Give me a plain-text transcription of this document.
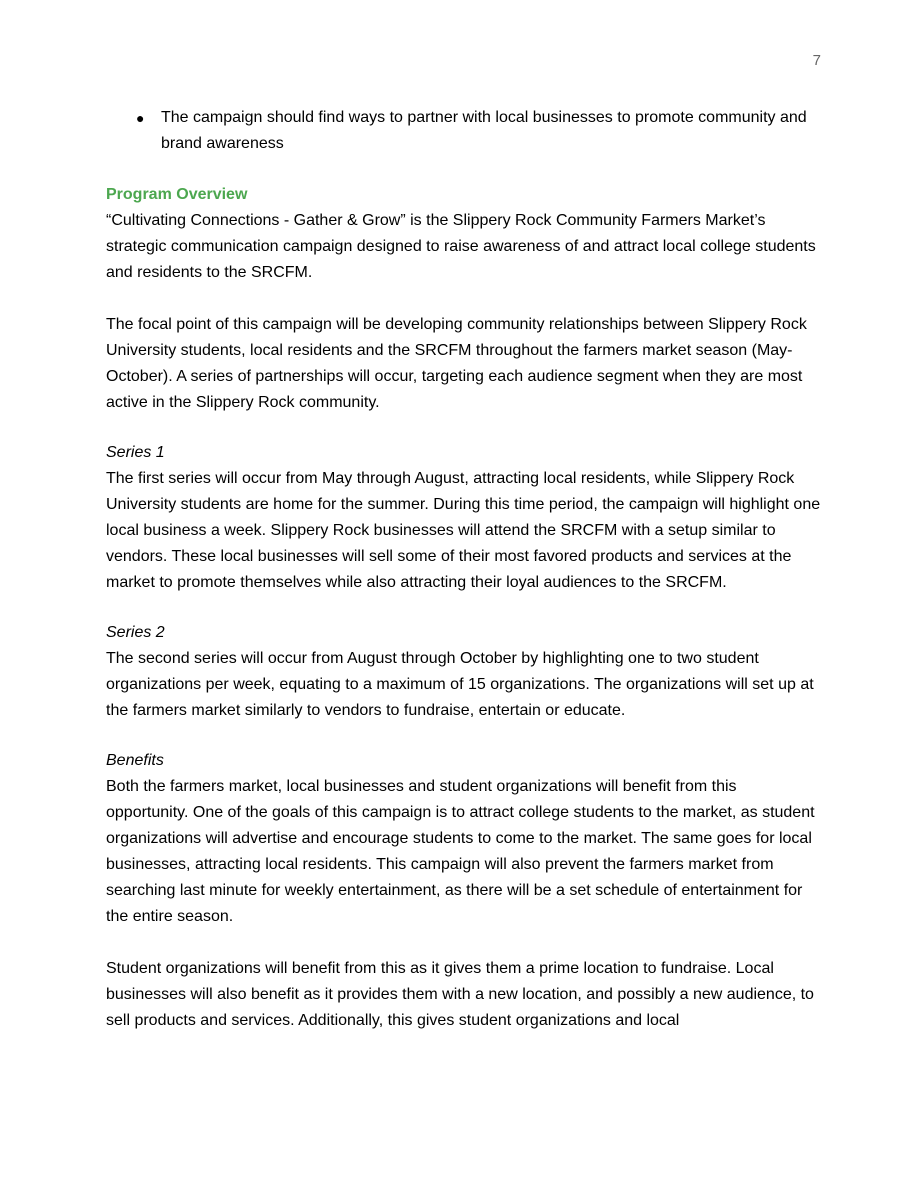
7
● The campaign should find ways to partner with local businesses to promote community and brand awareness
Program Overview

“Cultivating Connections - Gather & Grow” is the Slippery Rock Community Farmers Market’s strategic communication campaign designed to raise awareness of and attract local college students and residents to the SRCFM.

The focal point of this campaign will be developing community relationships between Slippery Rock University students, local residents and the SRCFM throughout the farmers market season (May-October). A series of partnerships will occur, targeting each audience segment when they are most active in the Slippery Rock community.

Series 1

The first series will occur from May through August, attracting local residents, while Slippery Rock University students are home for the summer. During this time period, the campaign will highlight one local business a week. Slippery Rock businesses will attend the SRCFM with a setup similar to vendors. These local businesses will sell some of their most favored products and services at the market to promote themselves while also attracting their loyal audiences to the SRCFM.

Series 2

The second series will occur from August through October by highlighting one to two student organizations per week, equating to a maximum of 15 organizations. The organizations will set up at the farmers market similarly to vendors to fundraise, entertain or educate.

Benefits

Both the farmers market, local businesses and student organizations will benefit from this opportunity. One of the goals of this campaign is to attract college students to the market, as student organizations will advertise and encourage students to come to the market. The same goes for local businesses, attracting local residents. This campaign will also prevent the farmers market from searching last minute for weekly entertainment, as there will be a set schedule of entertainment for the entire season.

Student organizations will benefit from this as it gives them a prime location to fundraise. Local businesses will also benefit as it provides them with a new location, and possibly a new audience, to sell products and services. Additionally, this gives student organizations and local
